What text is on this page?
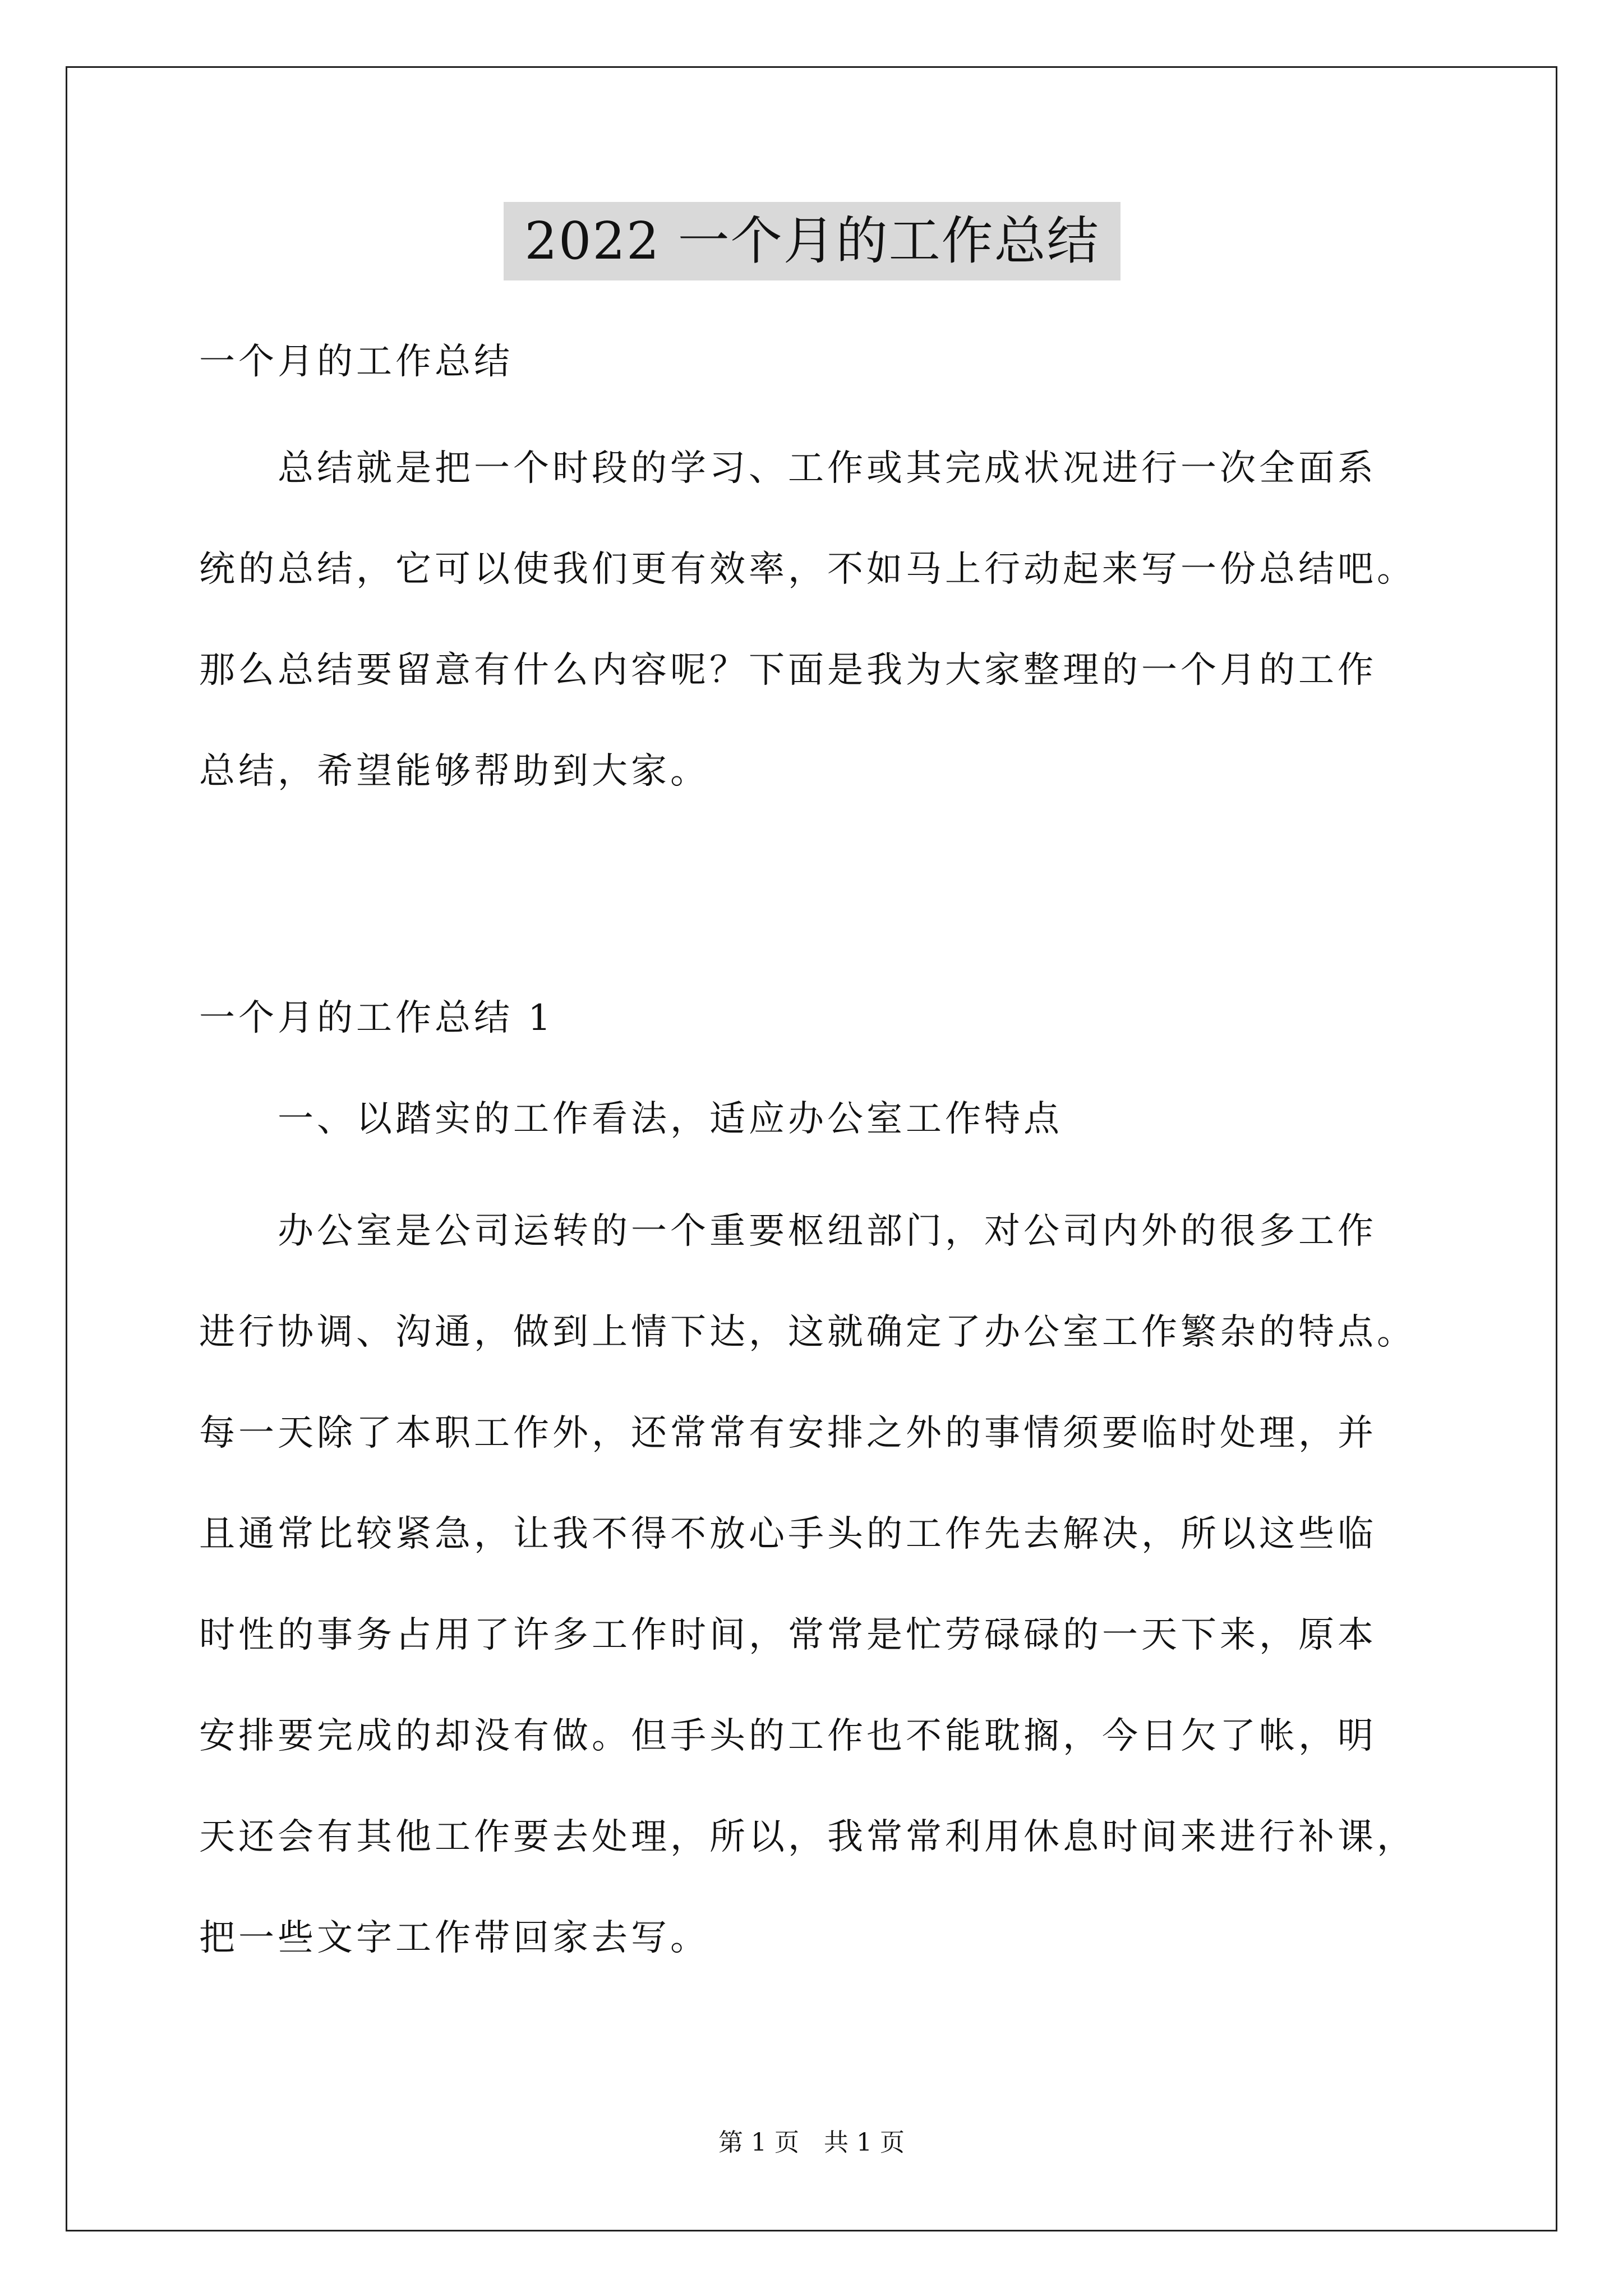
2022 一个月的工作总结
一个月的工作总结
总结就是把一个时段的学习、工作或其完成状况进行一次全面系
统的总结，它可以使我们更有效率，不如马上行动起来写一份总结吧。
那么总结要留意有什么内容呢？下面是我为大家整理的一个月的工作
总结，希望能够帮助到大家。
一个月的工作总结 1
一、以踏实的工作看法，适应办公室工作特点
办公室是公司运转的一个重要枢纽部门，对公司内外的很多工作
进行协调、沟通，做到上情下达，这就确定了办公室工作繁杂的特点。
每一天除了本职工作外，还常常有安排之外的事情须要临时处理，并
且通常比较紧急，让我不得不放心手头的工作先去解决，所以这些临
时性的事务占用了许多工作时间，常常是忙劳碌碌的一天下来，原本
安排要完成的却没有做。但手头的工作也不能耽搁，今日欠了帐，明
天还会有其他工作要去处理，所以，我常常利用休息时间来进行补课，
把一些文字工作带回家去写。
第 1 页　共 1 页
